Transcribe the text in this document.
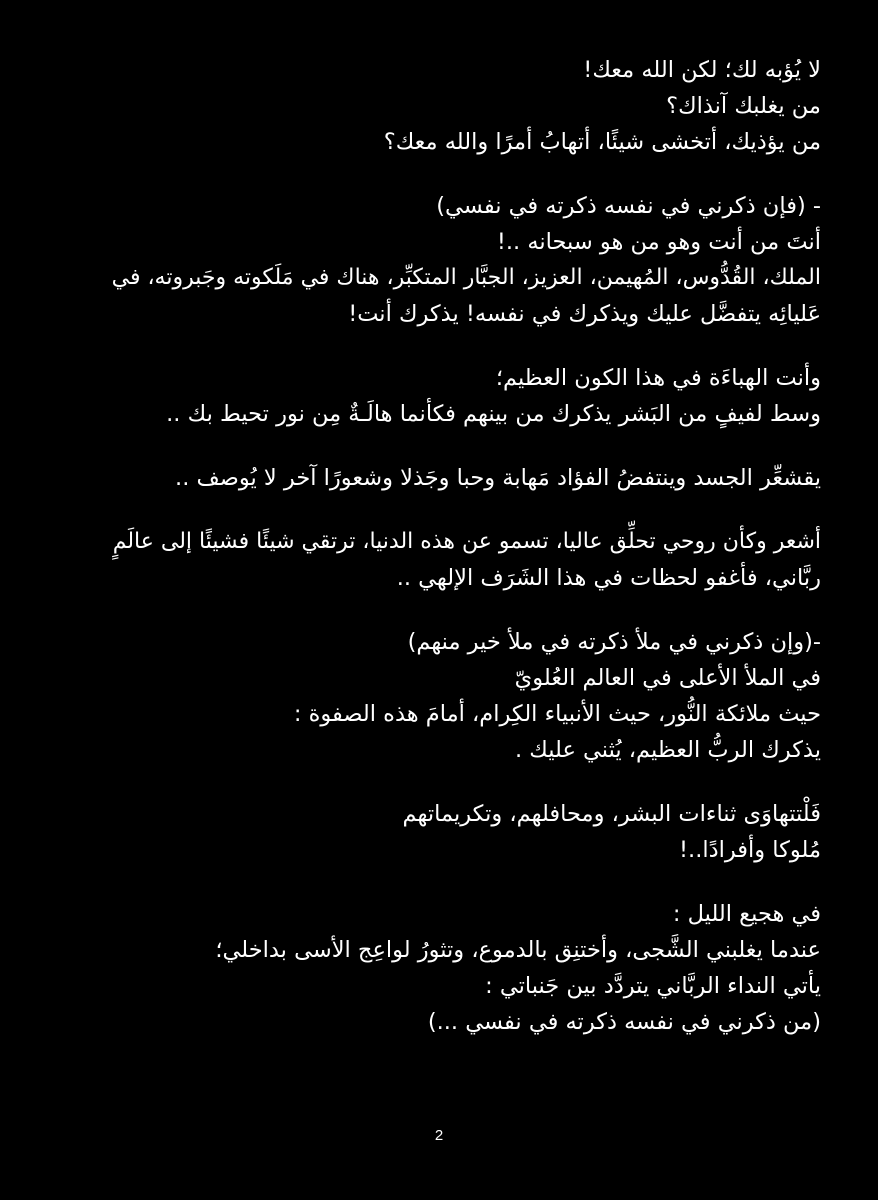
لا يُؤبه لك؛ لكن الله معك!
من يغلبك آنذاك؟
من يؤذيك، أتخشى شيئًا، أتهابُ أمرًا والله معك؟
- (فإن ذكرني في نفسه ذكرته في نفسي)
أنتَ من أنت وهو من هو سبحانه ..!
الملك، القُدُّوس، المُهيمن، العزيز، الجبَّار المتكبِّر، هناك في مَلَكوته وجَبروته، في
عَليائِه يتفضَّل عليك ويذكرك في نفسه! يذكرك أنت!
وأنت الهباءَة في هذا الكون العظيم؛
وسط لفيفٍ من البَشر يذكرك من بينهم فكأنما هالَـةٌ مِن نور تحيط بك ..
يقشعِّر الجسد وينتفضُ الفؤاد مَهابة وحبا وجَذلا وشعورًا آخر لا يُوصف ..
أشعر وكأن روحي تحلِّق عاليا، تسمو عن هذه الدنيا، ترتقي شيئًا فشيئًا إلى عالَمٍ
ربَّاني، فأغفو لحظات في هذا الشَرَف الإلهي ..
-(وإن ذكرني في ملأ ذكرته في ملأ خير منهم)
في الملأ الأعلى في العالم العُلويّ
حيث ملائكة النُّور، حيث الأنبياء الكِرام، أمامَ هذه الصفوة :
يذكرك الربُّ العظيم، يُثني عليك .
فَلْتتهاوَى ثناءات البشر، ومحافلهم، وتكريماتهم
مُلوكا وأفرادًا..!
في هجيع الليل :
عندما يغلبني الشَّجى، وأختنِق بالدموع، وتثورُ لواعِج الأسى بداخلي؛
يأتي النداء الربَّاني يتردَّد بين جَنباتي :
(من ذكرني في نفسه ذكرته في نفسي ...)
2
